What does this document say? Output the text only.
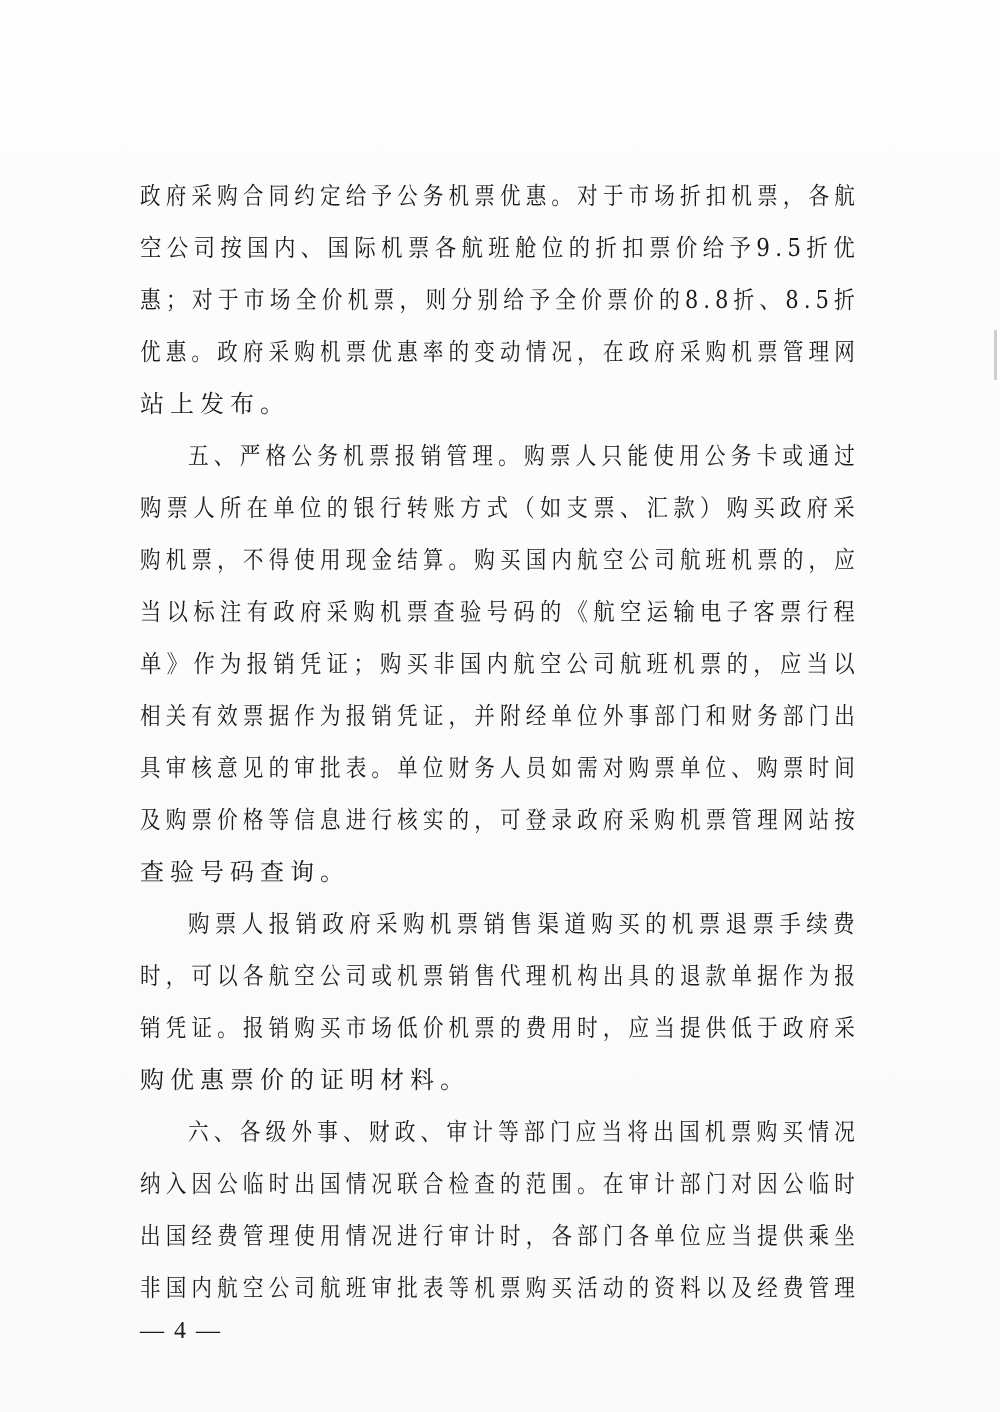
政府采购合同约定给予公务机票优惠。对于市场折扣机票，各航
空公司按国内、国际机票各航班舱位的折扣票价给予9.5折优
惠；对于市场全价机票，则分别给予全价票价的8.8折、8.5折
优惠。政府采购机票优惠率的变动情况，在政府采购机票管理网
站上发布。
五、严格公务机票报销管理。购票人只能使用公务卡或通过
购票人所在单位的银行转账方式（如支票、汇款）购买政府采
购机票，不得使用现金结算。购买国内航空公司航班机票的，应
当以标注有政府采购机票查验号码的《航空运输电子客票行程
单》作为报销凭证；购买非国内航空公司航班机票的，应当以
相关有效票据作为报销凭证，并附经单位外事部门和财务部门出
具审核意见的审批表。单位财务人员如需对购票单位、购票时间
及购票价格等信息进行核实的，可登录政府采购机票管理网站按
查验号码查询。
购票人报销政府采购机票销售渠道购买的机票退票手续费
时，可以各航空公司或机票销售代理机构出具的退款单据作为报
销凭证。报销购买市场低价机票的费用时，应当提供低于政府采
购优惠票价的证明材料。
六、各级外事、财政、审计等部门应当将出国机票购买情况
纳入因公临时出国情况联合检查的范围。在审计部门对因公临时
出国经费管理使用情况进行审计时，各部门各单位应当提供乘坐
非国内航空公司航班审批表等机票购买活动的资料以及经费管理
— 4 —
